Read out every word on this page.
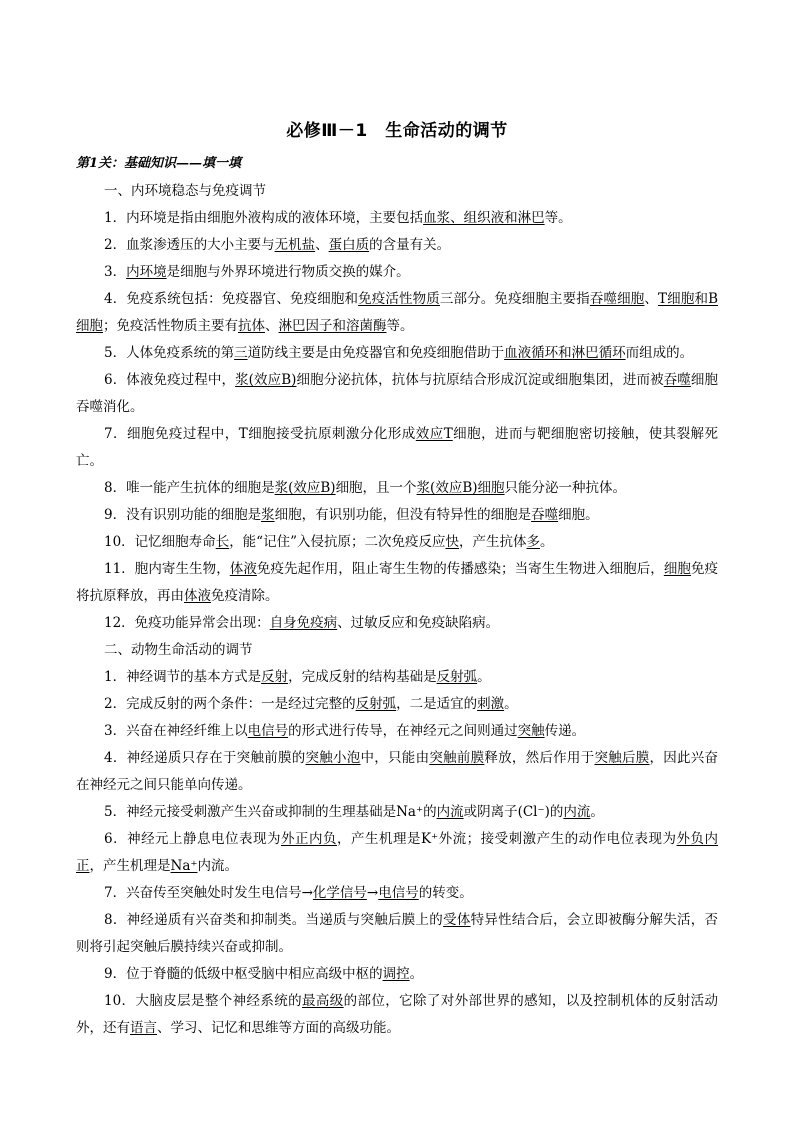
必修Ⅲ－1　生命活动的调节
第1关：基础知识——填一填
一、内环境稳态与免疫调节

1．内环境是指由细胞外液构成的液体环境，主要包括血浆、组织液和淋巴等。

2．血浆渗透压的大小主要与无机盐、蛋白质的含量有关。

3．内环境是细胞与外界环境进行物质交换的媒介。

4．免疫系统包括：免疫器官、免疫细胞和免疫活性物质三部分。免疫细胞主要指吞噬细胞、T细胞和B细胞；免疫活性物质主要有抗体、淋巴因子和溶菌酶等。

5．人体免疫系统的第三道防线主要是由免疫器官和免疫细胞借助于血液循环和淋巴循环而组成的。

6．体液免疫过程中，浆(效应B)细胞分泌抗体，抗体与抗原结合形成沉淀或细胞集团，进而被吞噬细胞吞噬消化。

7．细胞免疫过程中，T细胞接受抗原刺激分化形成效应T细胞，进而与靶细胞密切接触，使其裂解死亡。

8．唯一能产生抗体的细胞是浆(效应B)细胞，且一个浆(效应B)细胞只能分泌一种抗体。

9．没有识别功能的细胞是浆细胞，有识别功能，但没有特异性的细胞是吞噬细胞。

10．记忆细胞寿命长，能“记住”入侵抗原；二次免疫反应快，产生抗体多。

11．胞内寄生生物，体液免疫先起作用，阻止寄生生物的传播感染；当寄生生物进入细胞后，细胞免疫将抗原释放，再由体液免疫清除。

12．免疫功能异常会出现：自身免疫病、过敏反应和免疫缺陷病。

二、动物生命活动的调节

1．神经调节的基本方式是反射，完成反射的结构基础是反射弧。

2．完成反射的两个条件：一是经过完整的反射弧，二是适宜的刺激。

3．兴奋在神经纤维上以电信号的形式进行传导，在神经元之间则通过突触传递。

4．神经递质只存在于突触前膜的突触小泡中，只能由突触前膜释放，然后作用于突触后膜，因此兴奋在神经元之间只能单向传递。

5．神经元接受刺激产生兴奋或抑制的生理基础是Na⁺的内流或阴离子(Cl⁻)的内流。

6．神经元上静息电位表现为外正内负，产生机理是K⁺外流；接受刺激产生的动作电位表现为外负内正，产生机理是Na⁺内流。

7．兴奋传至突触处时发生电信号→化学信号→电信号的转变。

8．神经递质有兴奋类和抑制类。当递质与突触后膜上的受体特异性结合后，会立即被酶分解失活，否则将引起突触后膜持续兴奋或抑制。

9．位于脊髓的低级中枢受脑中相应高级中枢的调控。

10．大脑皮层是整个神经系统的最高级的部位，它除了对外部世界的感知，以及控制机体的反射活动外，还有语言、学习、记忆和思维等方面的高级功能。
